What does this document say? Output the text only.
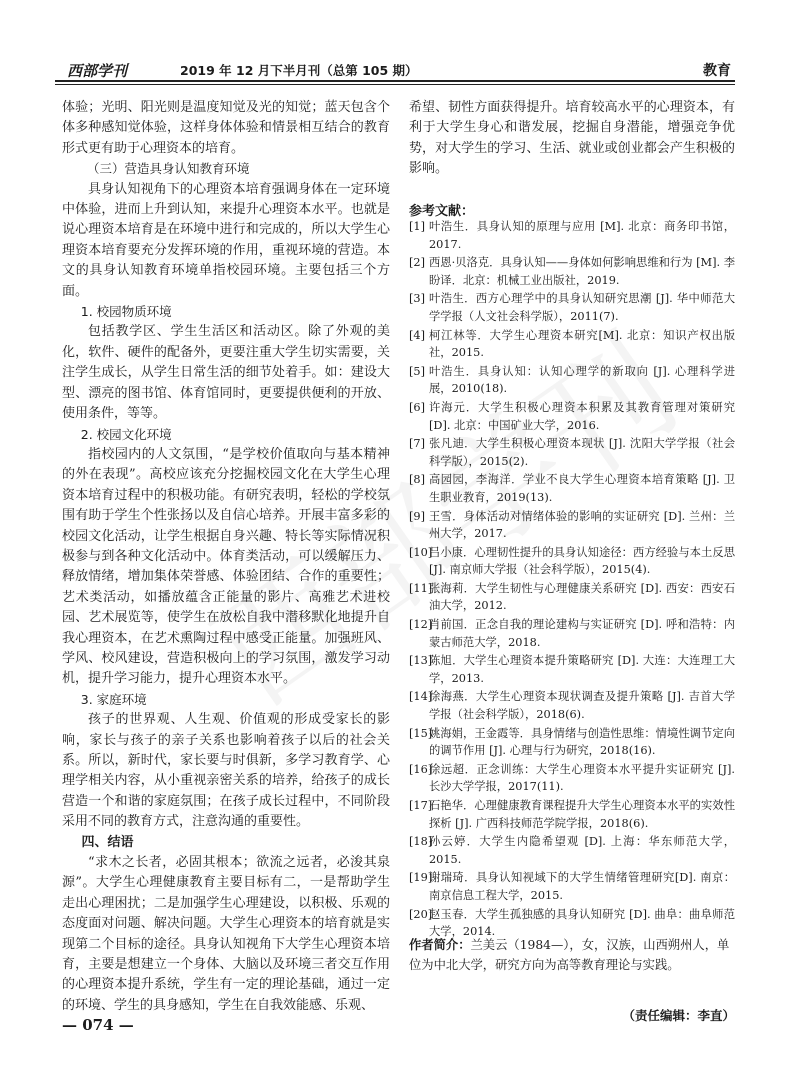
西部学刊	2019 年 12 月下半月刊（总第 105 期）	教育

体验；光明、阳光则是温度知觉及光的知觉；蓝天包含个体多种感知觉体验，这样身体体验和情景相互结合的教育形式更有助于心理资本的培育。

（三）营造具身认知教育环境

具身认知视角下的心理资本培育强调身体在一定环境中体验，进而上升到认知，来提升心理资本水平。也就是说心理资本培育是在环境中进行和完成的，所以大学生心理资本培育要充分发挥环境的作用，重视环境的营造。本文的具身认知教育环境单指校园环境。主要包括三个方面。

1. 校园物质环境

包括教学区、学生生活区和活动区。除了外观的美化，软件、硬件的配备外，更要注重大学生切实需要，关注学生成长，从学生日常生活的细节处着手。如：建设大型、漂亮的图书馆、体育馆同时，更要提供便利的开放、使用条件，等等。

2. 校园文化环境

指校园内的人文氛围，“是学校价值取向与基本精神的外在表现”。高校应该充分挖掘校园文化在大学生心理资本培育过程中的积极功能。有研究表明，轻松的学校氛围有助于学生个性张扬以及自信心培养。开展丰富多彩的校园文化活动，让学生根据自身兴趣、特长等实际情况积极参与到各种文化活动中。体育类活动，可以缓解压力、释放情绪，增加集体荣誉感、体验团结、合作的重要性；艺术类活动，如播放蕴含正能量的影片、高雅艺术进校园、艺术展览等，使学生在放松自我中潜移默化地提升自我心理资本，在艺术熏陶过程中感受正能量。加强班风、学风、校风建设，营造积极向上的学习氛围，激发学习动机，提升学习能力，提升心理资本水平。

3. 家庭环境

孩子的世界观、人生观、价值观的形成受家长的影响，家长与孩子的亲子关系也影响着孩子以后的社会关系。所以，新时代，家长要与时俱新，多学习教育学、心理学相关内容，从小重视亲密关系的培养，给孩子的成长营造一个和谐的家庭氛围；在孩子成长过程中，不同阶段采用不同的教育方式，注意沟通的重要性。

四、结语

“求木之长者，必固其根本；欲流之远者，必浚其泉源”。大学生心理健康教育主要目标有二，一是帮助学生走出心理困扰；二是加强学生心理建设，以积极、乐观的态度面对问题、解决问题。大学生心理资本的培育就是实现第二个目标的途径。具身认知视角下大学生心理资本培育，主要是想建立一个身体、大脑以及环境三者交互作用的心理资本提升系统，学生有一定的理论基础，通过一定的环境、学生的具身感知，学生在自我效能感、乐观、

希望、韧性方面获得提升。培育较高水平的心理资本，有利于大学生身心和谐发展，挖掘自身潜能，增强竞争优势，对大学生的学习、生活、就业或创业都会产生积极的影响。

参考文献：
[1] 叶浩生．具身认知的原理与应用 [M]. 北京：商务印书馆，2017.
[2] 西恩·贝洛克．具身认知——身体如何影响思维和行为 [M]. 李盼译．北京：机械工业出版社，2019.
[3] 叶浩生．西方心理学中的具身认知研究思潮 [J]. 华中师范大学学报（人文社会科学版），2011(7).
[4] 柯江林等．大学生心理资本研究[M]. 北京：知识产权出版社，2015.
[5] 叶浩生．具身认知：认知心理学的新取向 [J]. 心理科学进展，2010(18).
[6] 许海元．大学生积极心理资本积累及其教育管理对策研究 [D]. 北京：中国矿业大学，2016.
[7] 张凡迪．大学生积极心理资本现状 [J]. 沈阳大学学报（社会科学版），2015(2).
[8] 高园园，李海洋．学业不良大学生心理资本培育策略 [J]. 卫生职业教育，2019(13).
[9] 王雪．身体活动对情绪体验的影响的实证研究 [D]. 兰州：兰州大学，2017.
[10]
吕小康．心理韧性提升的具身认知途径：西方经验与本土反思 [J]. 南京师大学报（社会科学版），2015(4).
[11]
张海莉．大学生韧性与心理健康关系研究 [D]. 西安：西安石油大学，2012.
[12]
肖前国．正念自我的理论建构与实证研究 [D]. 呼和浩特：内蒙古师范大学，2018.
[13]
陈旭．大学生心理资本提升策略研究 [D]. 大连：大连理工大学，2013.
[14]
徐海燕．大学生心理资本现状调查及提升策略 [J]. 吉首大学学报（社会科学版），2018(6).
[15]
姚海娟，王金霞等．具身情绪与创造性思维：情境性调节定向的调节作用 [J]. 心理与行为研究，2018(16).
[16]
徐远超．正念训练：大学生心理资本水平提升实证研究 [J]. 长沙大学学报，2017(11).
[17]
石艳华．心理健康教育课程提升大学生心理资本水平的实效性探析 [J]. 广西科技师范学院学报，2018(6).
[18]
孙云婷．大学生内隐希望观 [D]. 上海：华东师范大学，2015.
[19]
谢瑞琦．具身认知视域下的大学生情绪管理研究[D]. 南京：南京信息工程大学，2015.
[20]
赵玉春．大学生孤独感的具身认知研究 [D]. 曲阜：曲阜师范大学，2014.
作者简介：兰美云（1984—），女，汉族，山西朔州人，单位为中北大学，研究方向为高等教育理论与实践。
（责任编辑：李直）
— 074 —
